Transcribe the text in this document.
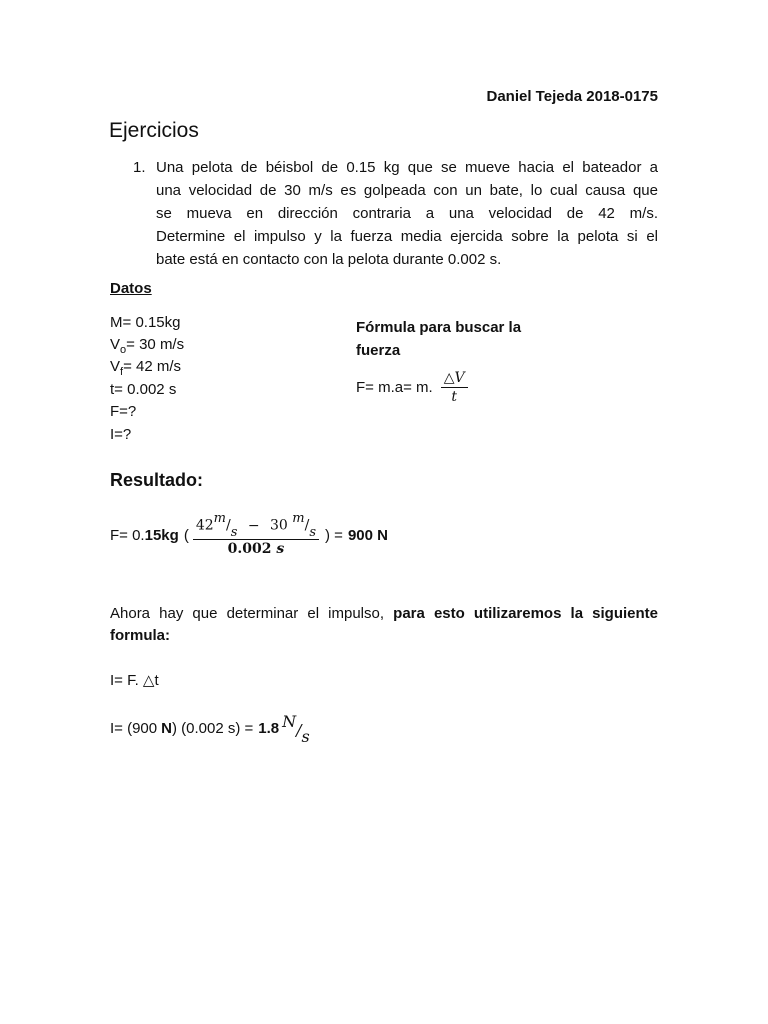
Daniel Tejeda 2018-0175
Ejercicios
1. Una pelota de béisbol de 0.15 kg que se mueve hacia el bateador a
una velocidad de 30 m/s es golpeada con un bate, lo cual causa que
se mueva en dirección contraria a una velocidad de 42 m/s.
Determine el impulso y la fuerza media ejercida sobre la pelota si el
bate está en contacto con la pelota durante 0.002 s.
Datos
M= 0.15kg
$V_o= 30$ m/s
$V_f= 42$ m/s
t= 0.002 s
F=?
I=?
Fórmula para buscar la
fuerza
F= m.a= m. $\frac{\triangle V}{t}$
Resultado:
F= 0. 15kg ( $\frac{42^m/_s - 30 ^m/_s}{0.002 s}$ ) = 900 N
Ahora hay que determinar el impulso, para esto utilizaremos la siguiente
formula:
I= F. △t
I= (900 N ) (0.002 s) = 1.8 $^N/_s$
